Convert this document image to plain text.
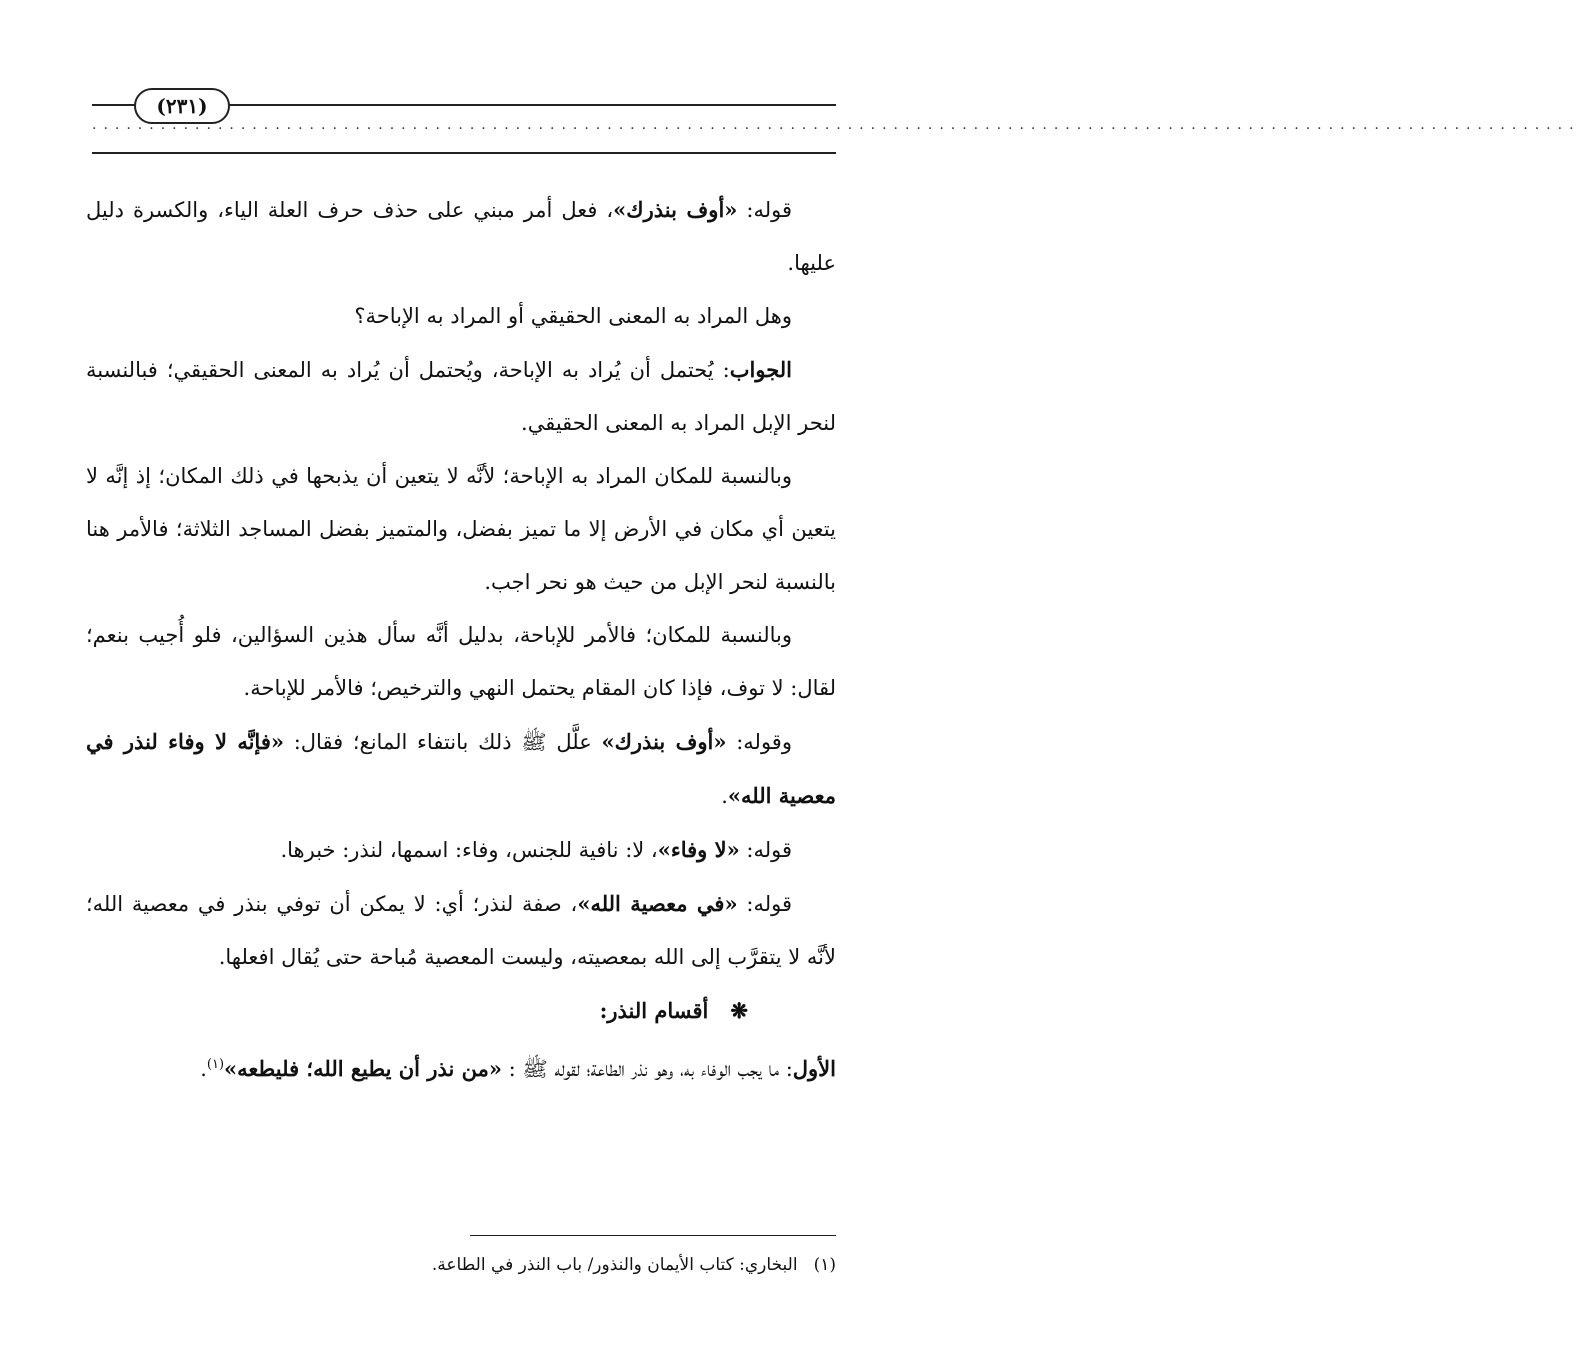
(٢٣١)
..................................................................................................................................

قوله: «أوف بنذرك»، فعل أمر مبني على حذف حرف العلة الياء، والكسرة دليل عليها.

وهل المراد به المعنى الحقيقي أو المراد به الإباحة؟

الجواب: يُحتمل أن يُراد به الإباحة، ويُحتمل أن يُراد به المعنى الحقيقي؛ فبالنسبة لنحر الإبل المراد به المعنى الحقيقي.

وبالنسبة للمكان المراد به الإباحة؛ لأنَّه لا يتعين أن يذبحها في ذلك المكان؛ إذ إنَّه لا يتعين أي مكان في الأرض إلا ما تميز بفضل، والمتميز بفضل المساجد الثلاثة؛ فالأمر هنا بالنسبة لنحر الإبل من حيث هو نحر اجب.

وبالنسبة للمكان؛ فالأمر للإباحة، بدليل أنَّه سأل هذين السؤالين، فلو أُجيب بنعم؛ لقال: لا توف، فإذا كان المقام يحتمل النهي والترخيص؛ فالأمر للإباحة.

وقوله: «أوف بنذرك» علَّل ﷺ ذلك بانتفاء المانع؛ فقال: «فإنَّه لا وفاء لنذر في معصية الله».

قوله: «لا وفاء»، لا: نافية للجنس، وفاء: اسمها، لنذر: خبرها.

قوله: «في معصية الله»، صفة لنذر؛ أي: لا يمكن أن توفي بنذر في معصية الله؛ لأنَّه لا يتقرَّب إلى الله بمعصيته، وليست المعصية مُباحة حتى يُقال افعلها.

❋أقسام النذر:

الأول: ما يجب الوفاء به، وهو نذر الطاعة؛ لقوله ﷺ : «من نذر أن يطيع الله؛ فليطعه»$^{(١)}$.

(١)البخاري: كتاب الأيمان والنذور/ باب النذر في الطاعة.
